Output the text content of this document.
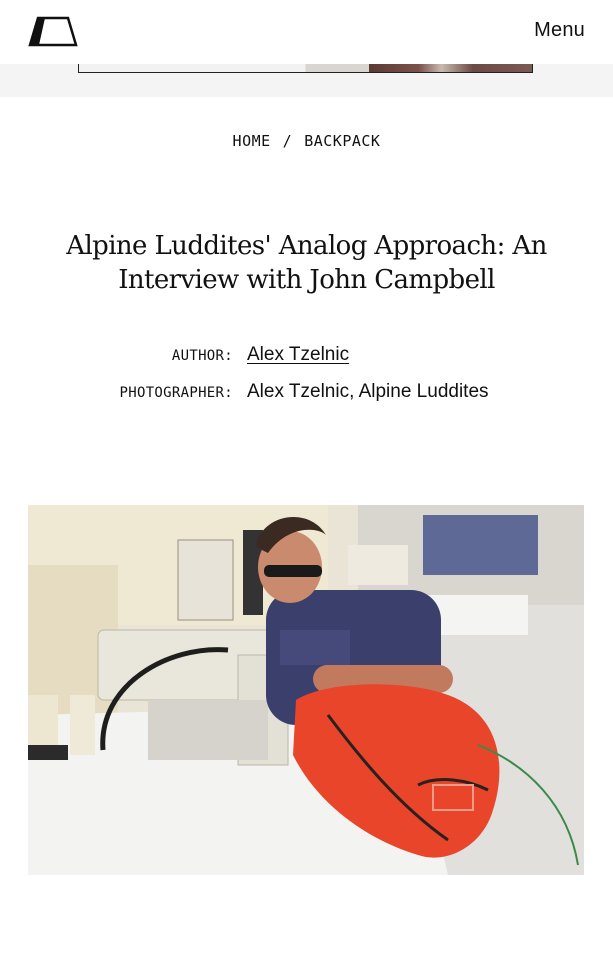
Menu
HOME / BACKPACK
Alpine Luddites' Analog Approach: An Interview with John Campbell
AUTHOR: Alex Tzelnic
PHOTOGRAPHER: Alex Tzelnic, Alpine Luddites
